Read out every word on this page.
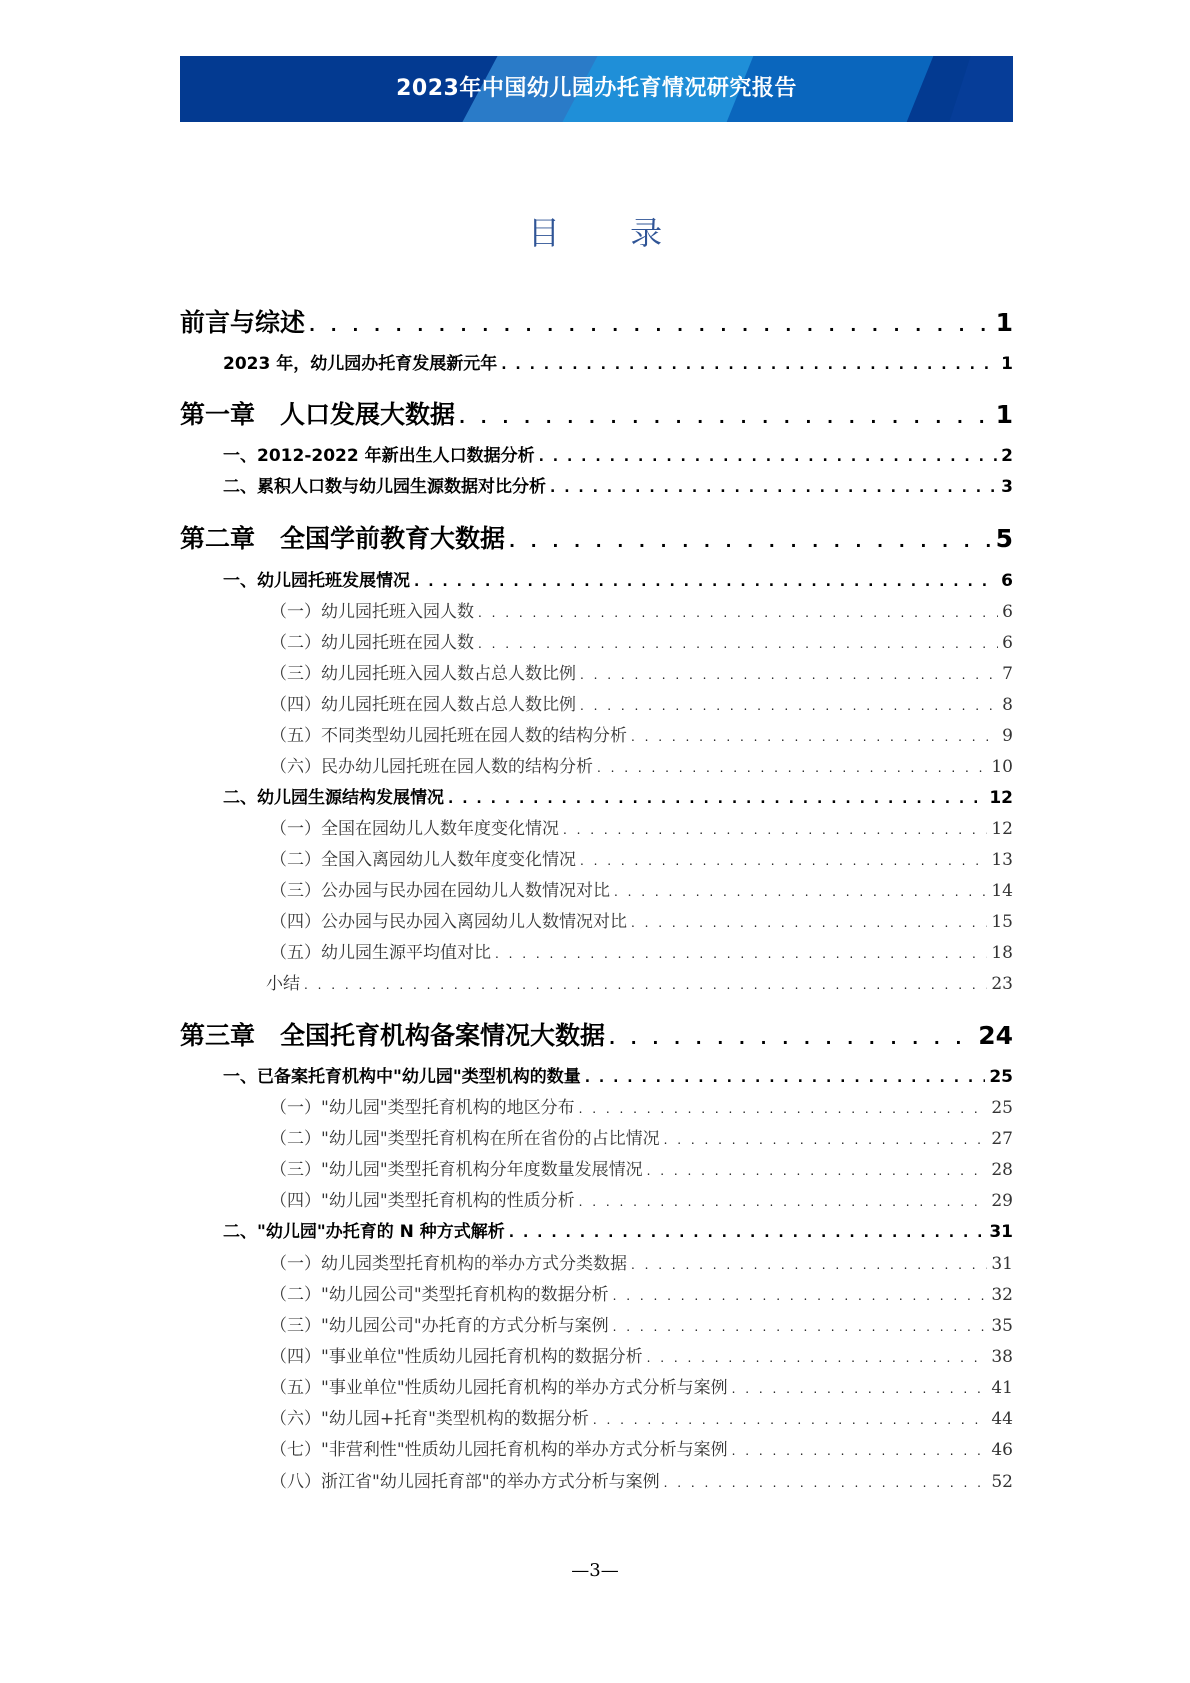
2023年中国幼儿园办托育情况研究报告
目 录
前言与综述 . . .	1
2023 年，幼儿园办托育发展新元年 . . .	1
第一章　人口发展大数据 . . .	1
一、2012-2022 年新出生人口数据分析 . . .	2
二、累积人口数与幼儿园生源数据对比分析 . . .	3
第二章　全国学前教育大数据 . . .	5
一、幼儿园托班发展情况 . . .	6
（一）幼儿园托班入园人数 . . .	6
（二）幼儿园托班在园人数 . . .	6
（三）幼儿园托班入园人数占总人数比例 . . .	7
（四）幼儿园托班在园人数占总人数比例 . . .	8
（五）不同类型幼儿园托班在园人数的结构分析 . . .	9
（六）民办幼儿园托班在园人数的结构分析 . . .	10
二、幼儿园生源结构发展情况 . . .	12
（一）全国在园幼儿人数年度变化情况 . . .	12
（二）全国入离园幼儿人数年度变化情况 . . .	13
（三）公办园与民办园在园幼儿人数情况对比 . . .	14
（四）公办园与民办园入离园幼儿人数情况对比 . . .	15
（五）幼儿园生源平均值对比 . . .	18
小结 . . .	23
第三章　全国托育机构备案情况大数据 . . .	24
一、已备案托育机构中"幼儿园"类型机构的数量 . . .	25
（一）"幼儿园"类型托育机构的地区分布 . . .	25
（二）"幼儿园"类型托育机构在所在省份的占比情况 . . .	27
（三）"幼儿园"类型托育机构分年度数量发展情况 . . .	28
（四）"幼儿园"类型托育机构的性质分析 . . .	29
二、"幼儿园"办托育的 N 种方式解析 . . .	31
（一）幼儿园类型托育机构的举办方式分类数据 . . .	31
（二）"幼儿园公司"类型托育机构的数据分析 . . .	32
（三）"幼儿园公司"办托育的方式分析与案例 . . .	35
（四）"事业单位"性质幼儿园托育机构的数据分析 . . .	38
（五）"事业单位"性质幼儿园托育机构的举办方式分析与案例 . . .	41
（六）"幼儿园+托育"类型机构的数据分析 . . .	44
（七）"非营利性"性质幼儿园托育机构的举办方式分析与案例 . . .	46
（八）浙江省"幼儿园托育部"的举办方式分析与案例 . . .	52
—3—
